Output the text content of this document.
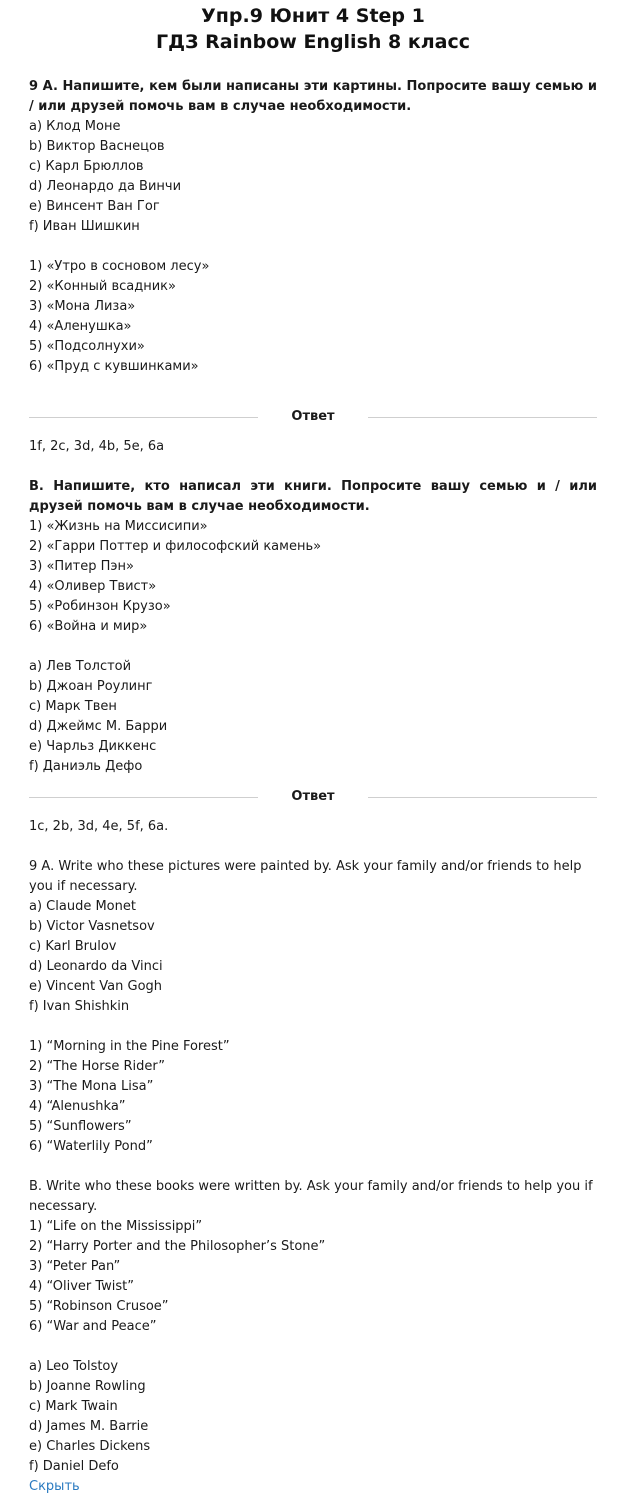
Упр.9 Юнит 4 Step 1
ГДЗ Rainbow English 8 класс
9 A. Напишите, кем были написаны эти картины. Попросите вашу семью и / или друзей помочь вам в случае необходимости.
a) Клод Моне
b) Виктор Васнецов
c) Карл Брюллов
d) Леонардо да Винчи
e) Винсент Ван Гог
f) Иван Шишкин
1) «Утро в сосновом лесу»
2) «Конный всадник»
3) «Мона Лиза»
4) «Аленушка»
5) «Подсолнухи»
6) «Пруд с кувшинками»
Ответ
1f, 2c, 3d, 4b, 5e, 6a
B. Напишите, кто написал эти книги. Попросите вашу семью и / или друзей помочь вам в случае необходимости.
1) «Жизнь на Миссисипи»
2) «Гарри Поттер и философский камень»
3) «Питер Пэн»
4) «Оливер Твист»
5) «Робинзон Крузо»
6) «Война и мир»
a) Лев Толстой
b) Джоан Роулинг
c) Марк Твен
d) Джеймс М. Барри
e) Чарльз Диккенс
f) Даниэль Дефо
Ответ
1c, 2b, 3d, 4e, 5f, 6a.
9 A. Write who these pictures were painted by. Ask your family and/or friends to help you if necessary.
a) Claude Monet
b) Victor Vasnetsov
c) Karl Brulov
d) Leonardo da Vinci
e) Vincent Van Gogh
f) Ivan Shishkin
1) “Morning in the Pine Forest”
2) “The Horse Rider”
3) “The Mona Lisa”
4) “Alenushka”
5) “Sunflowers”
6) “Waterlily Pond”
B. Write who these books were written by. Ask your family and/or friends to help you if necessary.
1) “Life on the Mississippi”
2) “Harry Porter and the Philosopher’s Stone”
3) “Peter Pan”
4) “Oliver Twist”
5) “Robinson Crusoe”
6) “War and Peace”
a) Leo Tolstoy
b) Joanne Rowling
c) Mark Twain
d) James M. Barrie
e) Charles Dickens
f) Daniel Defo
Скрыть
